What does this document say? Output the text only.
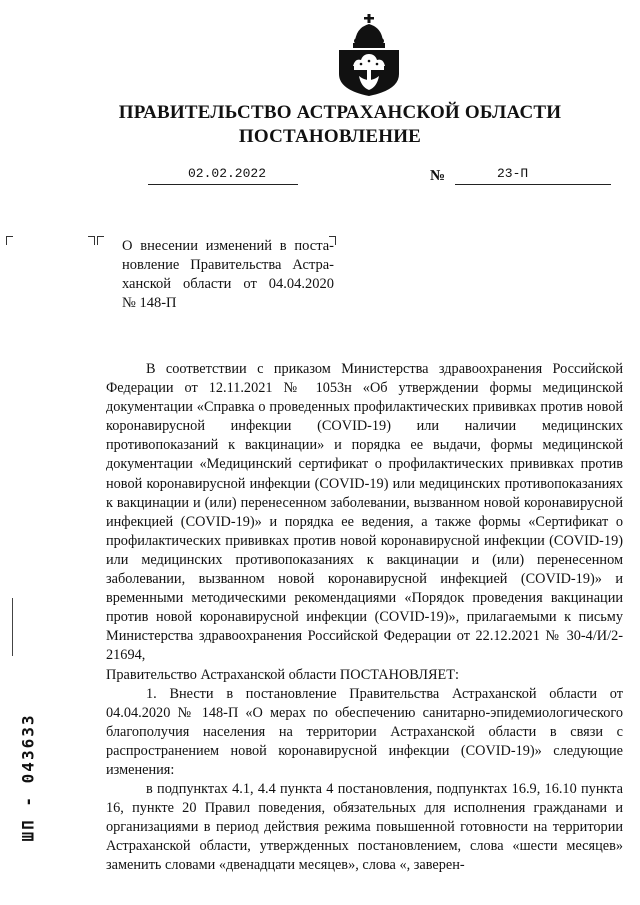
ПРАВИТЕЛЬСТВО АСТРАХАНСКОЙ ОБЛАСТИ
ПОСТАНОВЛЕНИЕ
02.02.2022	№	23-П
О внесении изменений в поста-
новление Правительства Астра-
ханской области от 04.04.2020
№ 148-П

В соответствии с приказом Министерства здравоохранения Российской Федерации от 12.11.2021 № 1053н «Об утверждении формы медицинской документации «Справка о проведенных профилактических прививках против новой коронавирусной инфекции (COVID-19) или наличии медицинских противопоказаний к вакцинации» и порядка ее выдачи, формы медицинской документации «Медицинский сертификат о профилактических прививках против новой коронавирусной инфекции (COVID-19) или медицинских противопоказаниях к вакцинации и (или) перенесенном заболевании, вызванном новой коронавирусной инфекцией (COVID-19)» и порядка ее ведения, а также формы «Сертификат о профилактических прививках против новой коронавирусной инфекции (COVID-19) или медицинских противопоказаниях к вакцинации и (или) перенесенном заболевании, вызванном новой коронавирусной инфекцией (COVID-19)» и временными методическими рекомендациями «Порядок проведения вакцинации против новой коронавирусной инфекции (COVID-19)», прилагаемыми к письму Министерства здравоохранения Российской Федерации от 22.12.2021 № 30-4/И/2-21694,

Правительство Астраханской области ПОСТАНОВЛЯЕТ:

1. Внести в постановление Правительства Астраханской области от 04.04.2020 № 148-П «О мерах по обеспечению санитарно-эпидемиологического благополучия населения на территории Астраханской области в связи с распространением новой коронавирусной инфекции (COVID-19)» следующие изменения:

в подпунктах 4.1, 4.4 пункта 4 постановления, подпунктах 16.9, 16.10 пункта 16, пункте 20 Правил поведения, обязательных для исполнения гражданами и организациями в период действия режима повышенной готовности на территории Астраханской области, утвержденных постановлением, слова «шести месяцев» заменить словами «двенадцати месяцев», слова «, заверен-

ШП - 043633
